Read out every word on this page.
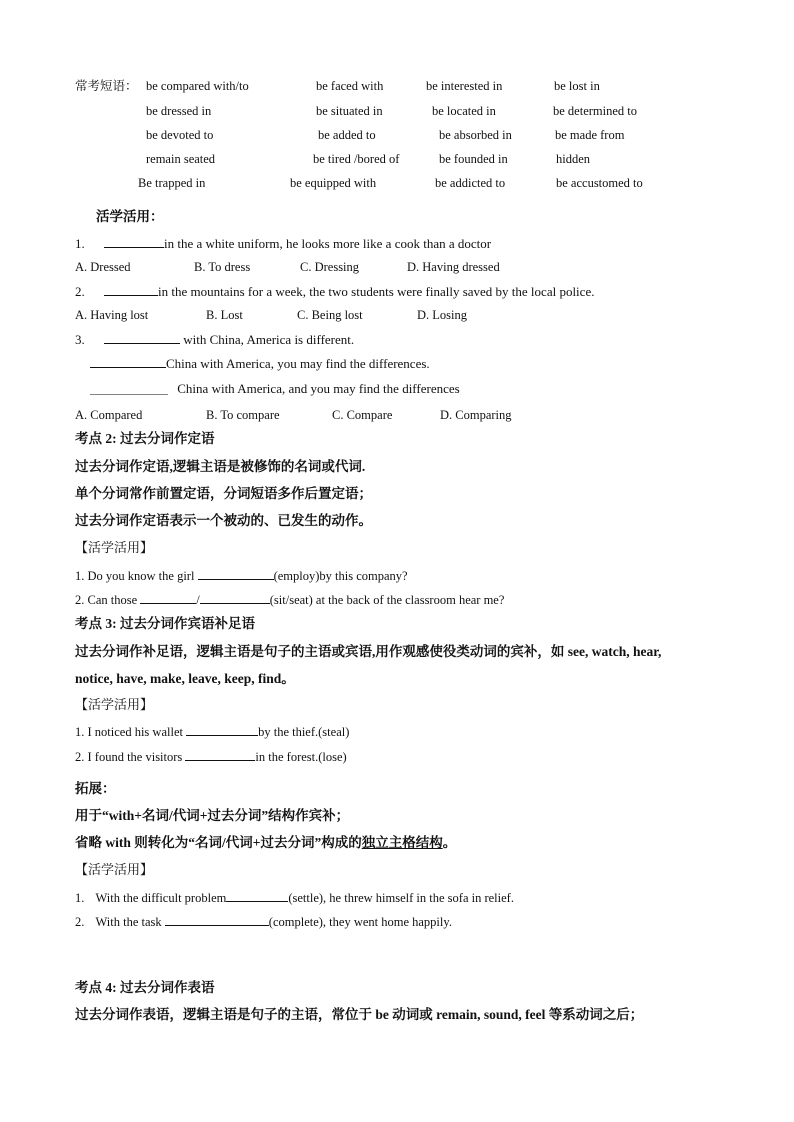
常考短语： be compared with/to	be faced with	be interested in	be lost in
be dressed in	be situated in	be located in	be determined to
be devoted to	be added to	be absorbed in	be made from
remain seated	be tired /bored of	be founded in	hidden
Be trapped in	be equipped with	be addicted to	be accustomed to
活学活用：
1.	in the a white uniform, he looks more like a cook than a doctor
A. Dressed	B. To dress	C. Dressing	D. Having dressed
2.	in the mountains for a week, the two students were finally saved by the local police.
A. Having lost	B. Lost	C. Being lost	D. Losing
3.	with China, America is different.
China with America, you may find the differences.
＿＿＿＿＿＿ China with America, and you may find the differences
A. Compared	B. To compare	C. Compare	D. Comparing
考点 2: 过去分词作定语
过去分词作定语,逻辑主语是被修饰的名词或代词.
单个分词常作前置定语，分词短语多作后置定语；
过去分词作定语表示一个被动的、已发生的动作。
【活学活用】
1. Do you know the girl	(employ)by this company?
2. Can those	/	(sit/seat) at the back of the classroom hear me?
考点 3: 过去分词作宾语补足语
过去分词作补足语，逻辑主语是句子的主语或宾语,用作观感使役类动词的宾补，如 see, watch, hear,
notice, have, make, leave, keep, find。
【活学活用】
1. I noticed his wallet	by the thief.(steal)
2. I found the visitors	in the forest.(lose)
拓展：
用于“with+名词/代词+过去分词”结构作宾补；
省略 with 则转化为“名词/代词+过去分词”构成的独立主格结构。
【活学活用】
1. With the difficult problem	(settle), he threw himself in the sofa in relief.
2. With the task	(complete), they went home happily.
考点 4: 过去分词作表语
过去分词作表语，逻辑主语是句子的主语，常位于 be 动词或 remain, sound, feel 等系动词之后；
